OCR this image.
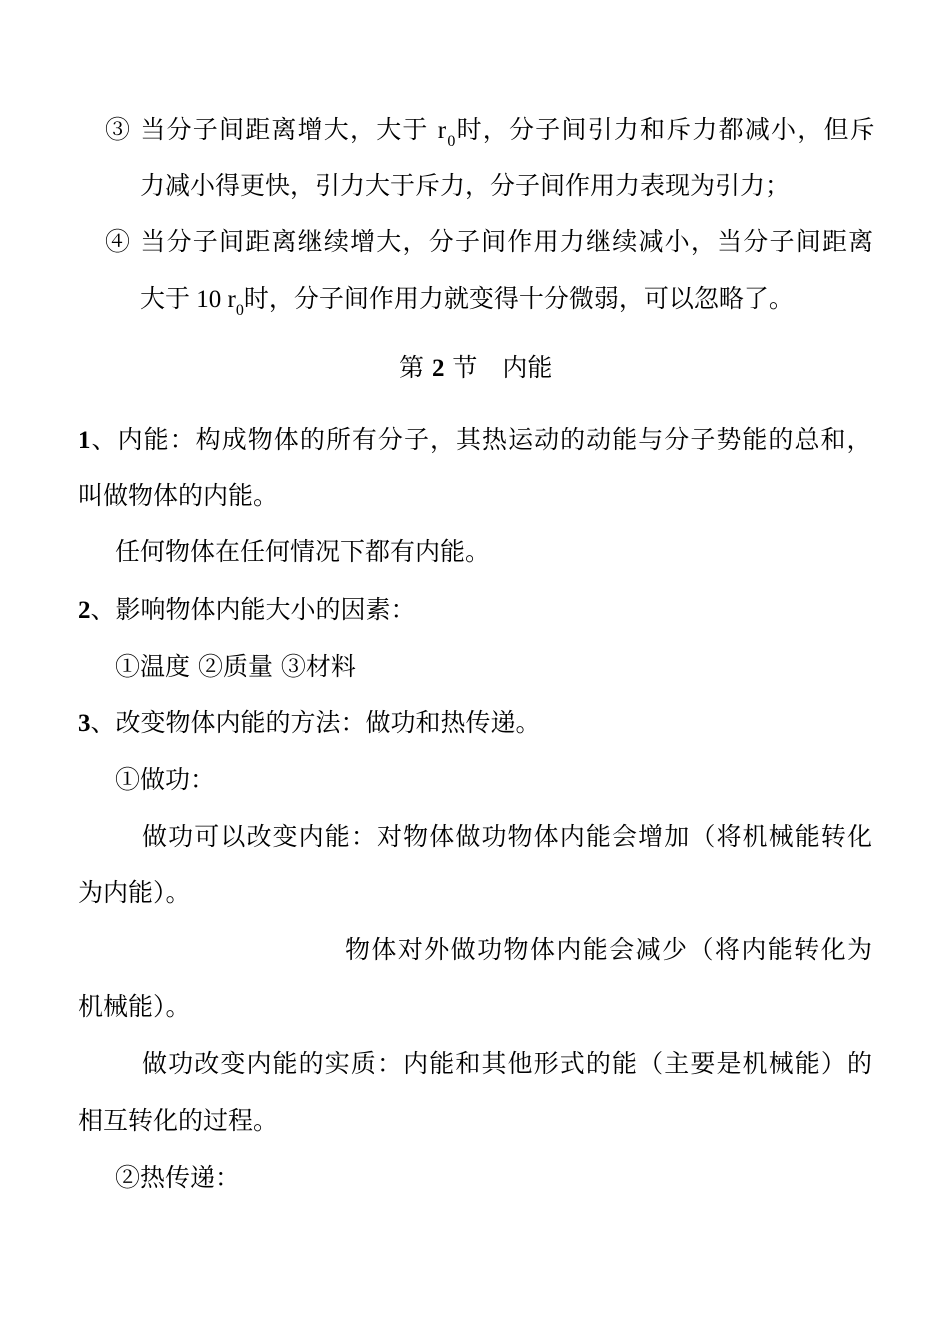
③ 当分子间距离增大，大于 $r_0$时，分子间引力和斥力都减小，但斥
力减小得更快，引力大于斥力，分子间作用力表现为引力；
④ 当分子间距离继续增大，分子间作用力继续减小，当分子间距离
大于 10 $r_0$时，分子间作用力就变得十分微弱，可以忽略了。
第 2 节　内能
1、内能：构成物体的所有分子，其热运动的动能与分子势能的总和，
叫做物体的内能。
任何物体在任何情况下都有内能。
2、影响物体内能大小的因素：
①温度 ②质量 ③材料
3、改变物体内能的方法：做功和热传递。
①做功：
做功可以改变内能：对物体做功物体内能会增加（将机械能转化
为内能）。
物体对外做功物体内能会减少（将内能转化为
机械能）。
做功改变内能的实质：内能和其他形式的能（主要是机械能）的
相互转化的过程。
②热传递：
